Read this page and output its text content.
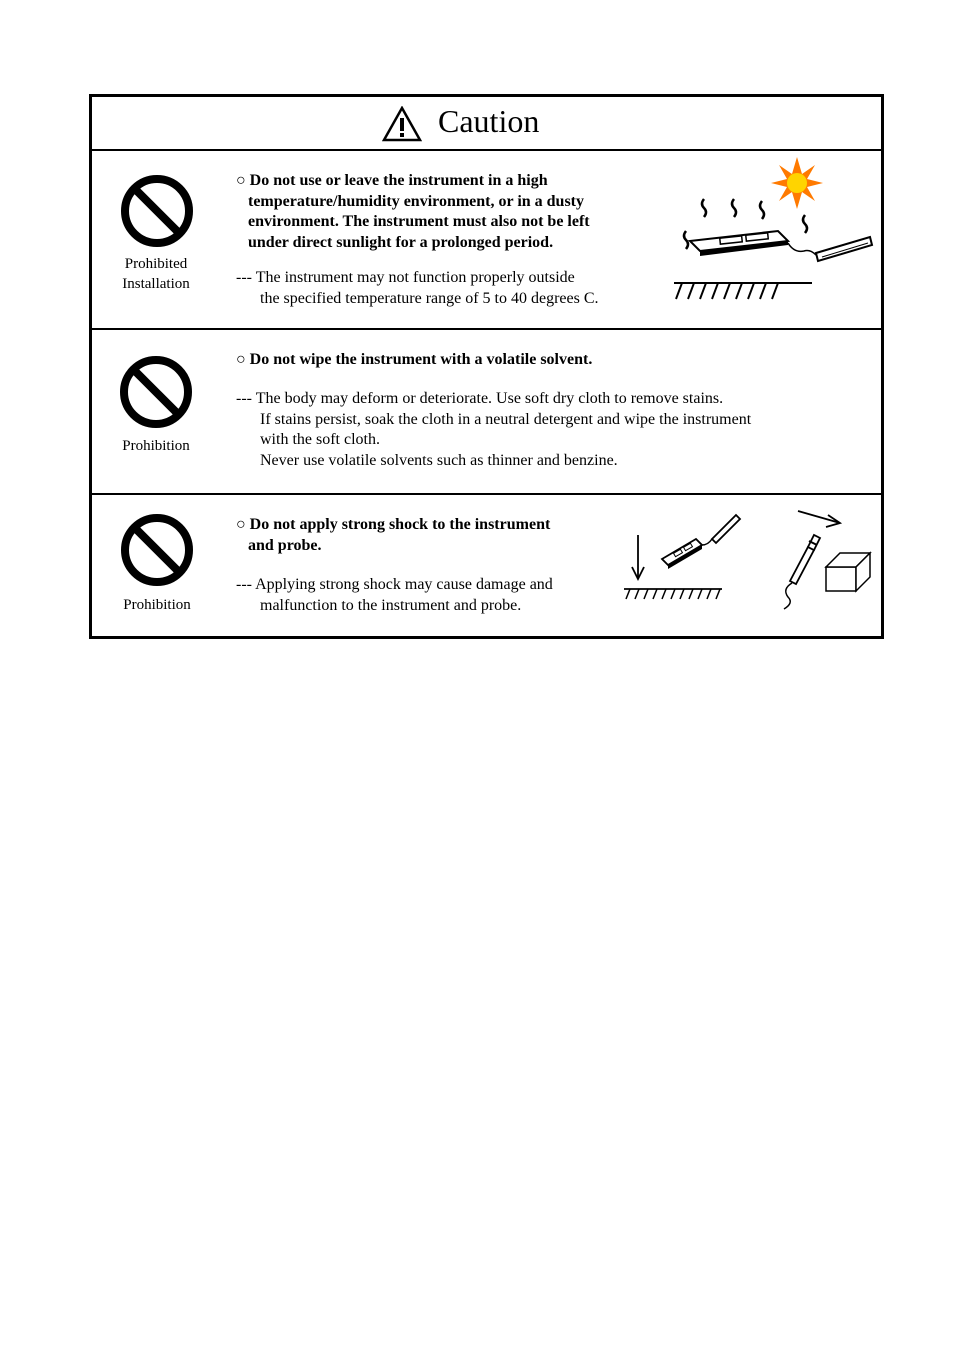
Caution
Prohibited
Installation
○ Do not use or leave the instrument in a high
temperature/humidity environment, or in a dusty
environment. The instrument must also not be left
under direct sunlight for a prolonged period.
--- The instrument may not function properly outside
the specified temperature range of 5 to 40 degrees C.
Prohibition
○ Do not wipe the instrument with a volatile solvent.
--- The body may deform or deteriorate. Use soft dry cloth to remove stains.
If stains persist, soak the cloth in a neutral detergent and wipe the instrument
with the soft cloth.
Never use volatile solvents such as thinner and benzine.
Prohibition
○ Do not apply strong shock to the instrument
and probe.
--- Applying strong shock may cause damage and
malfunction to the instrument and probe.
